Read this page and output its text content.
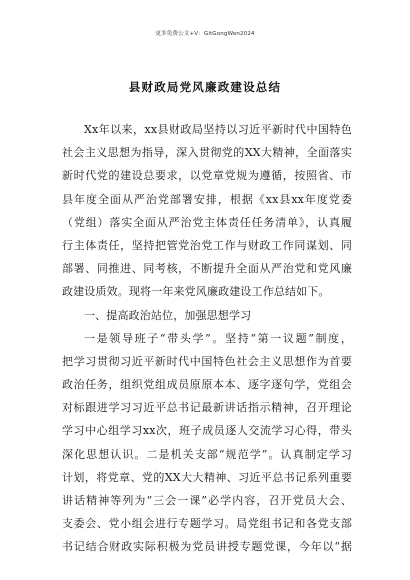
更多免费公文+V：GitGongWen2024
县财政局党风廉政建设总结
Xx年以来，xx县财政局坚持以习近平新时代中国特色
社会主义思想为指导，深入贯彻党的XX大精神，全面落实
新时代党的建设总要求，以党章党规为遵循，按照省、市
县年度全面从严治党部署安排，根据《xx县xx年度党委
（党组）落实全面从严治党主体责任任务清单》，认真履
行主体责任，坚持把管党治党工作与财政工作同谋划、同
部署、同推进、同考核，不断提升全面从严治党和党风廉
政建设质效。现将一年来党风廉政建设工作总结如下。
一、提高政治站位，加强思想学习
一是领导班子“带头学”。坚持“第一议题”制度，
把学习贯彻习近平新时代中国特色社会主义思想作为首要
政治任务，组织党组成员原原本本、逐字逐句学，党组会
对标跟进学习习近平总书记最新讲话指示精神，召开理论
学习中心组学习xx次，班子成员逐人交流学习心得，带头
深化思想认识。二是机关支部“规范学”。认真制定学习
计划，将党章、党的XX大大精神、习近平总书记系列重要
讲话精神等列为“三会一课”必学内容，召开党员大会、
支委会、党小组会进行专题学习。局党组书记和各党支部
书记结合财政实际积极为党员讲授专题党课，今年以“据
